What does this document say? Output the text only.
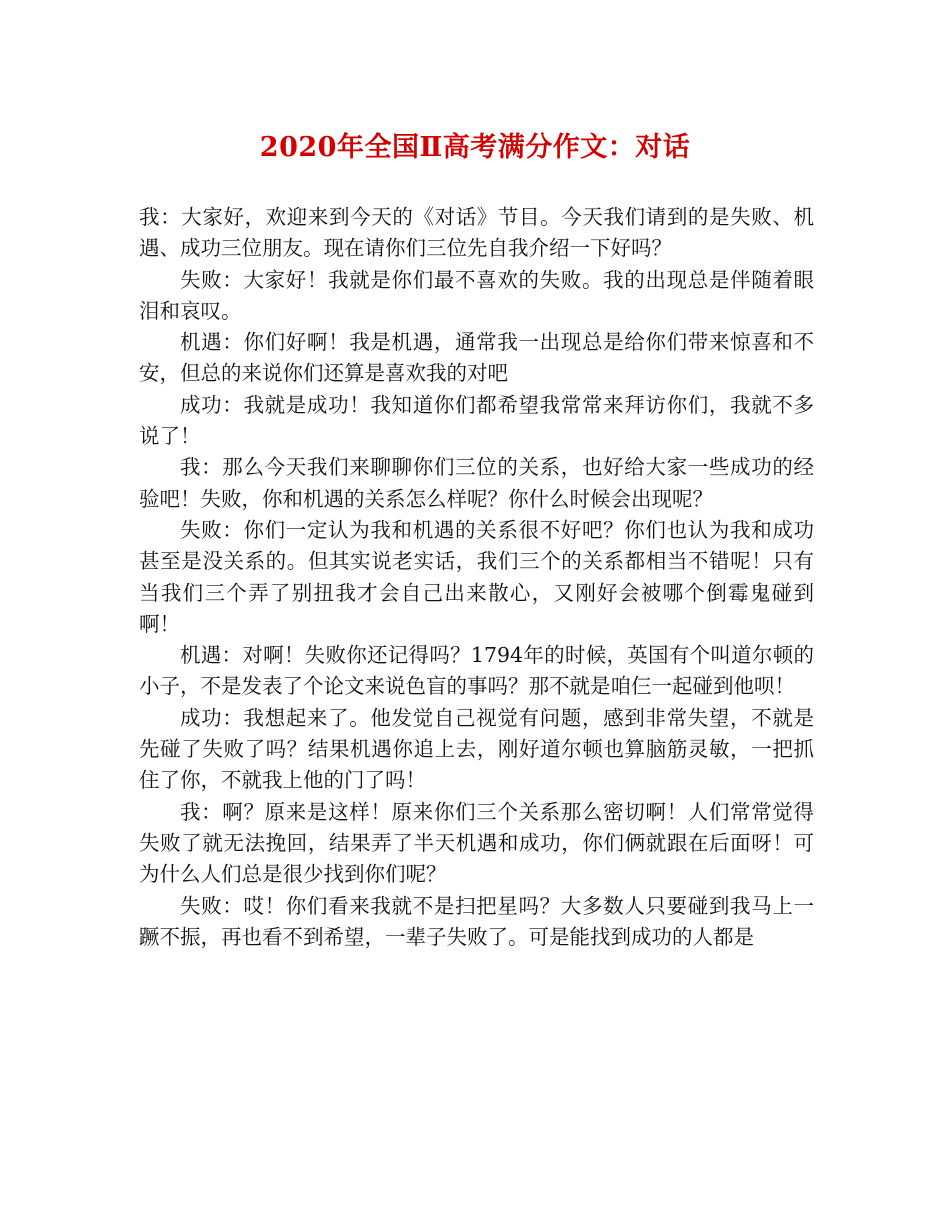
2020年全国Ⅱ高考满分作文：对话

我：大家好，欢迎来到今天的《对话》节目。今天我们请到的是失败、机遇、成功三位朋友。现在请你们三位先自我介绍一下好吗？

失败：大家好！我就是你们最不喜欢的失败。我的出现总是伴随着眼泪和哀叹。

机遇：你们好啊！我是机遇，通常我一出现总是给你们带来惊喜和不安，但总的来说你们还算是喜欢我的对吧

成功：我就是成功！我知道你们都希望我常常来拜访你们，我就不多说了！

我：那么今天我们来聊聊你们三位的关系，也好给大家一些成功的经验吧！失败，你和机遇的关系怎么样呢？你什么时候会出现呢？

失败：你们一定认为我和机遇的关系很不好吧？你们也认为我和成功甚至是没关系的。但其实说老实话，我们三个的关系都相当不错呢！只有当我们三个弄了别扭我才会自己出来散心，又刚好会被哪个倒霉鬼碰到啊！

机遇：对啊！失败你还记得吗？1794年的时候，英国有个叫道尔顿的小子，不是发表了个论文来说色盲的事吗？那不就是咱仨一起碰到他呗！

成功：我想起来了。他发觉自己视觉有问题，感到非常失望，不就是先碰了失败了吗？结果机遇你追上去，刚好道尔顿也算脑筋灵敏，一把抓住了你，不就我上他的门了吗！

我：啊？原来是这样！原来你们三个关系那么密切啊！人们常常觉得失败了就无法挽回，结果弄了半天机遇和成功，你们俩就跟在后面呀！可为什么人们总是很少找到你们呢？

失败：哎！你们看来我就不是扫把星吗？大多数人只要碰到我马上一蹶不振，再也看不到希望，一辈子失败了。可是能找到成功的人都是
